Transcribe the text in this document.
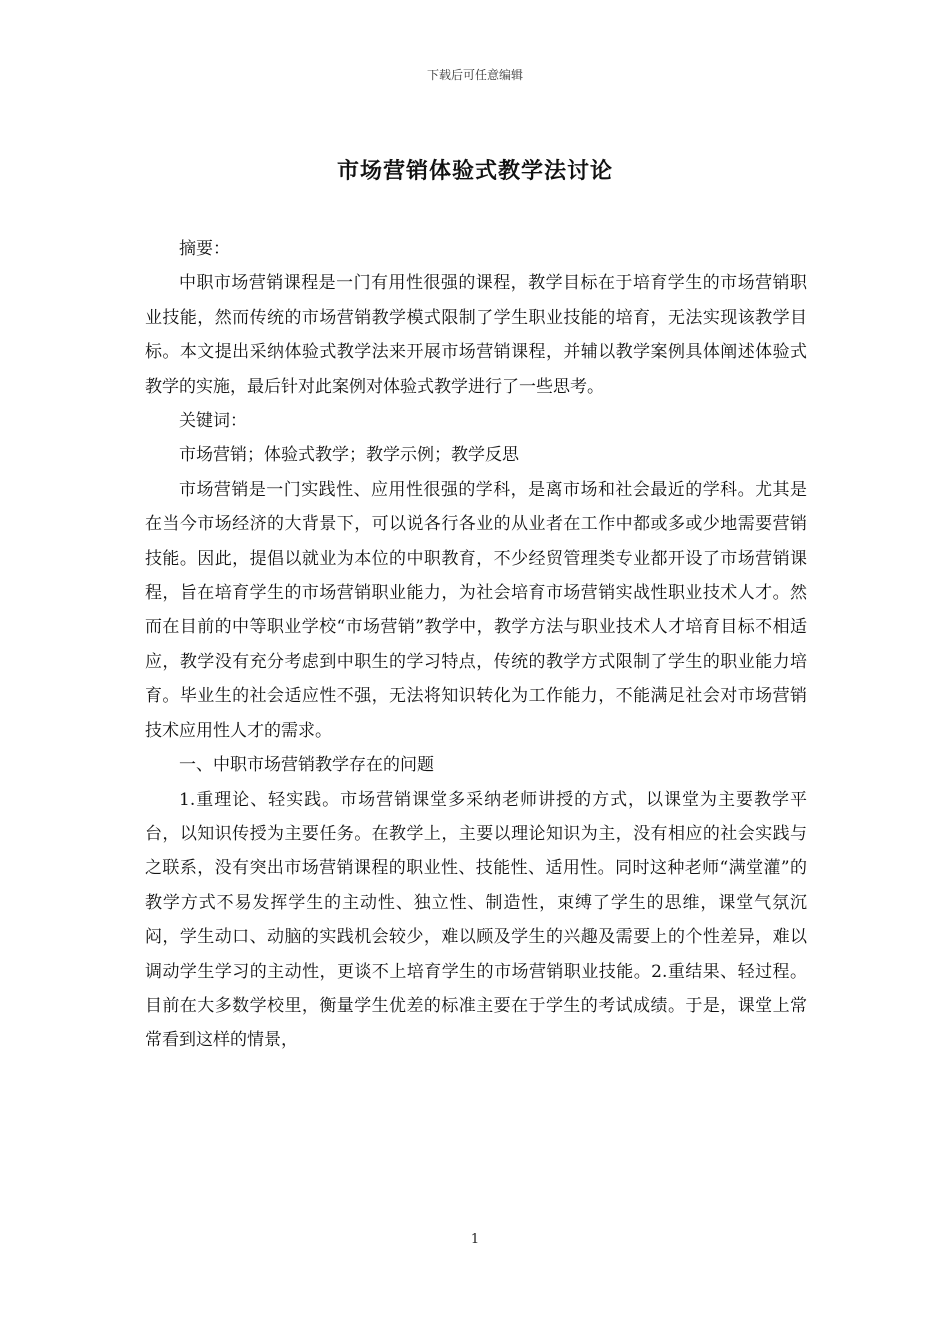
下载后可任意编辑
市场营销体验式教学法讨论

摘要：

中职市场营销课程是一门有用性很强的课程，教学目标在于培育学生的市场营销职业技能，然而传统的市场营销教学模式限制了学生职业技能的培育，无法实现该教学目标。本文提出采纳体验式教学法来开展市场营销课程，并辅以教学案例具体阐述体验式教学的实施，最后针对此案例对体验式教学进行了一些思考。

关键词：

市场营销；体验式教学；教学示例；教学反思

市场营销是一门实践性、应用性很强的学科，是离市场和社会最近的学科。尤其是在当今市场经济的大背景下，可以说各行各业的从业者在工作中都或多或少地需要营销技能。因此，提倡以就业为本位的中职教育，不少经贸管理类专业都开设了市场营销课程，旨在培育学生的市场营销职业能力，为社会培育市场营销实战性职业技术人才。然而在目前的中等职业学校“市场营销”教学中，教学方法与职业技术人才培育目标不相适应，教学没有充分考虑到中职生的学习特点，传统的教学方式限制了学生的职业能力培育。毕业生的社会适应性不强，无法将知识转化为工作能力，不能满足社会对市场营销技术应用性人才的需求。

一、中职市场营销教学存在的问题

1.重理论、轻实践。市场营销课堂多采纳老师讲授的方式，以课堂为主要教学平台，以知识传授为主要任务。在教学上，主要以理论知识为主，没有相应的社会实践与之联系，没有突出市场营销课程的职业性、技能性、适用性。同时这种老师“满堂灌”的教学方式不易发挥学生的主动性、独立性、制造性，束缚了学生的思维，课堂气氛沉闷，学生动口、动脑的实践机会较少，难以顾及学生的兴趣及需要上的个性差异，难以调动学生学习的主动性，更谈不上培育学生的市场营销职业技能。2.重结果、轻过程。目前在大多数学校里，衡量学生优差的标准主要在于学生的考试成绩。于是，课堂上常常看到这样的情景，

1
